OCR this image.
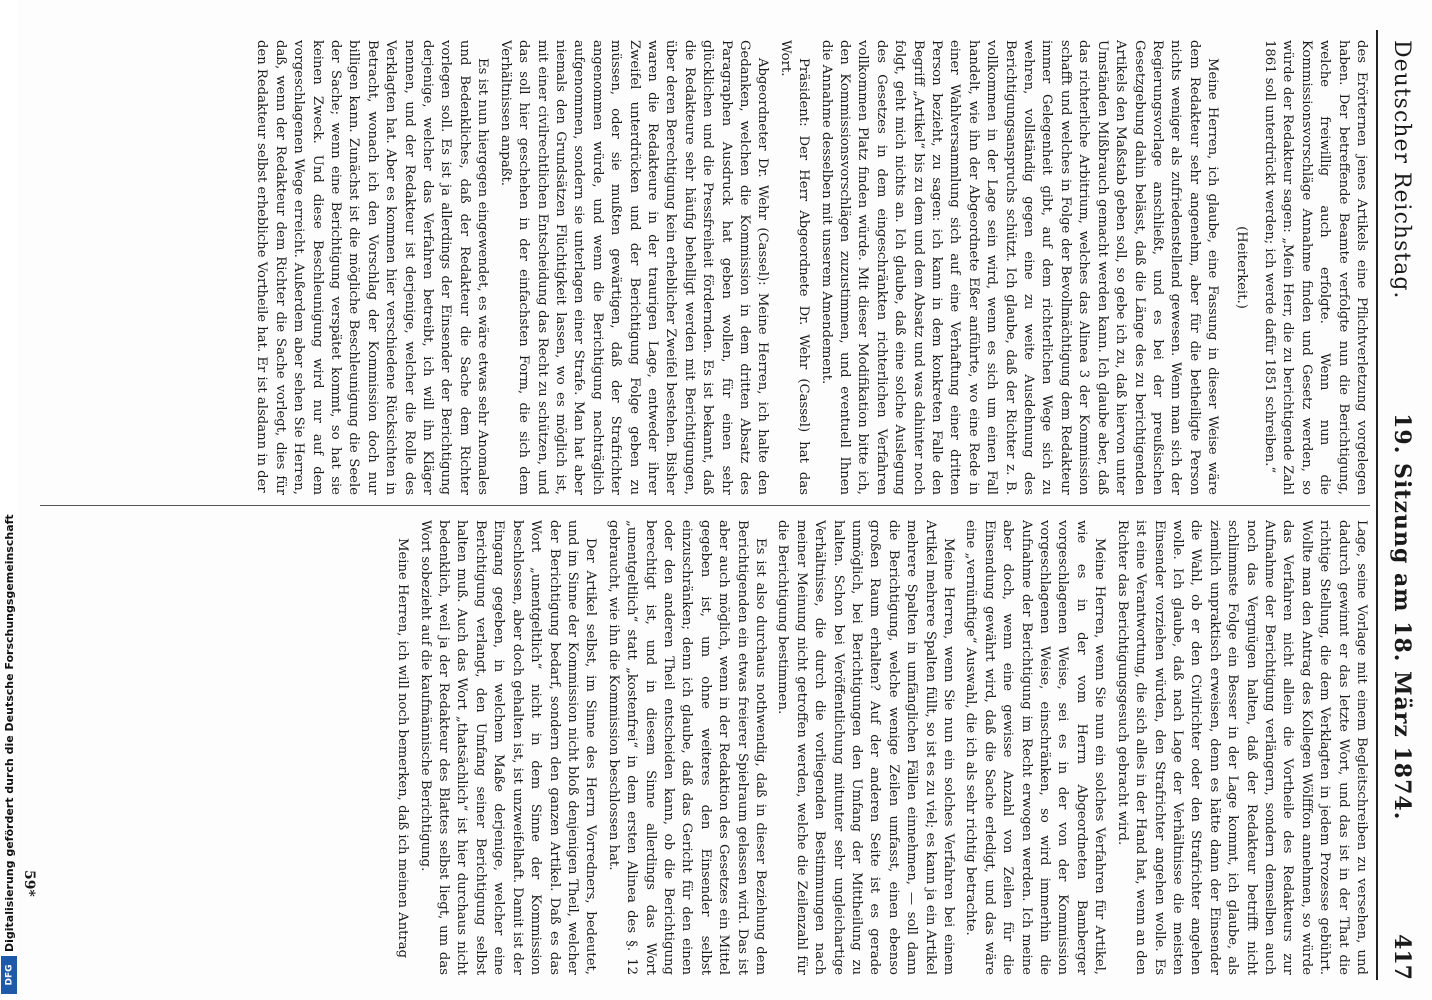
Deutscher Reichstag.
19. Sitzung am 18. März 1874.
417

des Erörternen jenes Artikels eine Pflichtverletzung vorgelegen haben. Der betreffende Beamte verfolgte nun die Berichtigung, welche freiwillig auch erfolgte. Wenn nun die Kommissionsvorschläge Annahme finden und Gesetz werden, so würde der Redakteur sagen: „Mein Herr, die zu berichtigende Zahl 1861 soll unterdrückt werden; ich werde dafür 1851 schreiben.“

(Heiterkeit.)

Meine Herren, ich glaube, eine Fassung in dieser Weise wäre dem Redakteur sehr angenehm, aber für die betheiligte Person nichts weniger als zufriedenstellend gewesen. Wenn man sich der Regierungsvorlage anschließt, und es bei der preußischen Gesetzgebung dahin belässt, daß die Länge des zu berichtigenden Artikels den Maßstab geben soll, so gebe ich zu, daß hiervon unter Umständen Mißbrauch gemacht werden kann. Ich glaube aber, daß das richterliche Arbitrium, welches das Alinea 3 der Kommission schafft und welches in Folge der Bevollmächtigung dem Redakteur immer Gelegenheit gibt, auf dem richterlichen Wege sich zu wehren, vollständig gegen eine zu weite Ausdehnung des Berichtigungsanspruchs schützt. Ich glaube, daß der Richter z. B. vollkommen in der Lage sein wird, wenn es sich um einen Fall handelt, wie ihn der Abgeordnete Eßer anführte, wo eine Rede in einer Wahlversammlung sich auf eine Verhaftung einer dritten Person bezieht, zu sagen: ich kann in dem konkreten Falle den Begriff „Artikel“ bis zu dem und dem Absatz und was dahinter noch folgt, geht mich nichts an. Ich glaube, daß eine solche Auslegung des Gesetzes in dem eingeschränkten richterlichen Verfahren vollkommen Platz finden würde. Mit dieser Modifikation bitte ich, den Kommissionsvorschlägen zuzustimmen, und eventuell Ihnen die Annahme desselben mit unserem Amendement.

Präsident: Der Herr Abgeordnete Dr. Wehr (Cassel) hat das Wort.

Abgeordneter Dr. Wehr (Cassel): Meine Herren, ich halte den Gedanken, welchen die Kommission in dem dritten Absatz des Paragraphen Ausdruck hat geben wollen, für einen sehr glücklichen und die Pressfreiheit fördernden. Es ist bekannt, daß die Redakteure sehr häufig behelligt werden mit Berichtigungen, über deren Berechtigung kein erheblicher Zweifel bestehen. Bisher waren die Redakteure in der traurigen Lage, entweder ihrer Zweifel unterdrücken und der Berichtigung Folge geben zu müssen, oder sie mußten gewärtigen, daß der Strafrichter angenommen würde, und wenn die Berichtigung nachträglich aufgenommen, sondern sie unterlagen einer Strafe. Man hat aber niemals den Grundsätzen Flüchtigkeit lassen, wo es möglich ist, mit einer civilrechtlichen Entscheidung das Recht zu schützen, und das soll hier geschehen in der einfachsten Form, die sich dem Verhältnissen anpaßt.

Es ist nun hiergegen eingewendet, es wäre etwas sehr Anomales und Bedenkliches, daß der Redakteur die Sache dem Richter vorlegen soll. Es ist ja allerdings der Einsender der Berichtigung derjenige, welcher das Verfahren betreibt, ich will ihn Kläger nennen, und der Redakteur ist derjenige, welcher die Rolle des Verklagten hat. Aber es kommen hier verschiedene Rücksichten in Betracht, wonach ich den Vorschlag der Kommission doch nur billigen kann. Zunächst ist die mögliche Beschleunigung die Seele der Sache; wenn eine Berichtigung verspätet kommt, so hat sie keinen Zweck. Und diese Beschleunigung wird nur auf dem vorgeschlagenen Wege erreicht. Außerdem aber sehen Sie Herren, daß, wenn der Redakteur dem Richter die Sache vorlegt, dies für den Redakteur selbst erhebliche Vortheile hat. Er ist alsdann in der

Lage, seine Vorlage mit einem Begleitschreiben zu versehen, und dadurch gewinnt er das letzte Wort, und das ist in der That die richtige Stellung, die dem Verklagten in jedem Prozesse gebührt. Wollte man den Antrag des Kollegen Wölfffon annehmen, so würde das Verfahren nicht allein die Vortheile des Redakteurs zur Aufnahme der Berichtigung verlängern, sondern demselben auch noch das Vergnügen halten, daß der Redakteur betrifft nicht schlimmste Folge ein Besser in der Lage kommt, ich glaube, als ziemlich unpraktisch erweisen, denn es hätte dann der Einsender die Wahl, ob er den Civilrichter oder den Strafrichter angehen wolle. Ich glaube, daß nach Lage der Verhältnisse die meisten Einsender vorziehen würden, den Strafrichter angehen wolle. Es ist eine Verantwortung, die sich alles in der Hand hat, wenn an den Richter das Berichtigungsgesuch gebracht wird.

Meine Herren, wenn Sie nun ein solches Verfahren für Artikel, wie es in der vom Herrn Abgeordneten Bamberger vorgeschlagenen Weise, sei es in der von der Kommission vorgeschlagenen Weise, einschränken, so wird immerhin die Aufnahme der Berichtigung im Recht erwogen werden. Ich meine aber doch, wenn eine gewisse Anzahl von Zeilen für die Einsendung gewährt wird, daß die Sache erledigt, und das wäre eine „vernünftige“ Auswahl, die ich als sehr richtig betrachte.

Meine Herren, wenn Sie nun ein solches Verfahren bei einem Artikel mehrere Spalten füllt, so ist es zu viel; es kann ja ein Artikel mehrere Spalten in umfänglichen Fällen einnehmen, — soll dann die Berichtigung, welche wenige Zeilen umfasst, einen ebenso großen Raum erhalten? Auf der anderen Seite ist es gerade unmöglich, bei Berichtigungen den Umfang der Mittheilung zu halten. Schon bei Veröffentlichung mitunter sehr ungleichartige Verhältnisse, die durch die vorliegenden Bestimmungen nach meiner Meinung nicht getroffen werden, welche die Zeilenzahl für die Berichtigung bestimmen.

Es ist also durchaus nothwendig, daß in dieser Beziehung dem Berichtigenden ein etwas freierer Spielraum gelassen wird. Das ist aber auch möglich, wenn in der Redaktion des Gesetzes ein Mittel gegeben ist, um ohne weiteres den Einsender selbst einzuschränken; denn ich glaube, daß das Gericht für den einen oder den anderen Theil entscheiden kann, ob die Berichtigung berechtigt ist, und in diesem Sinne allerdings das Wort „unentgeltlich“ statt „kostenfrei“ in dem ersten Alinea des §. 12 gebraucht, wie ihn die Kommission beschlossen hat.

Der Artikel selbst, im Sinne des Herrn Vorredners, bedeutet, und im Sinne der Kommission nicht bloß denjenigen Theil, welcher der Berichtigung bedarf, sondern den ganzen Artikel. Daß es das Wort „unentgeltlich“ nicht in dem Sinne der Kommission beschlossen, aber doch gehalten ist, ist unzweifelhaft. Damit ist der Eingang gegeben, in welchem Maße derjenige, welcher eine Berichtigung verlangt, den Umfang seiner Berichtigung selbst halten muß. Auch das Wort „thatsächlich“ ist hier durchaus nicht bedenklich, weil ja der Redakteur des Blattes selbst liegt, um das Wort sobezieht auf die kaufmännische Berichtigung.

Meine Herren, ich will noch bemerken, daß ich meinen Antrag

59*
Digitalisierung gefördert durch die Deutsche Forschungsgemeinschaft
DFG
